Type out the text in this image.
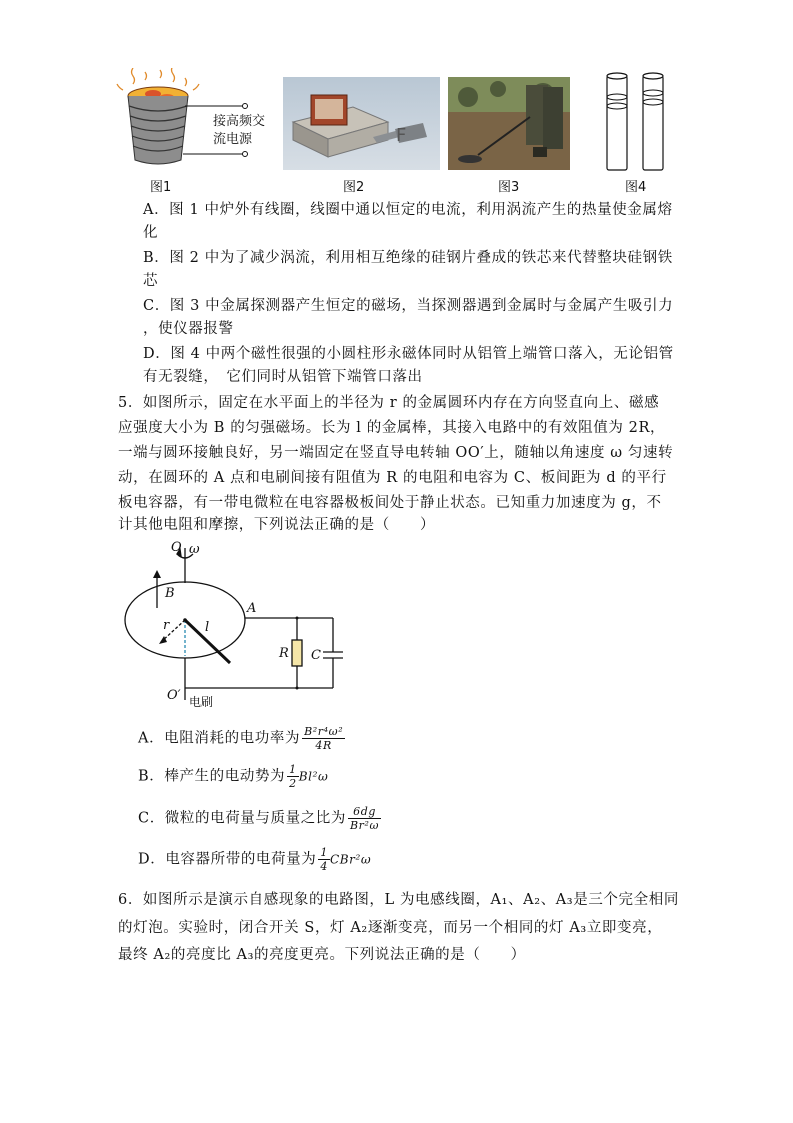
接高频交
流电源
图1
F
图2	图3	图4
A．图 1 中炉外有线圈，线圈中通以恒定的电流，利用涡流产生的热量使金属熔
化
B．图 2 中为了减少涡流，利用相互绝缘的硅钢片叠成的铁芯来代替整块硅钢铁
芯
C．图 3 中金属探测器产生恒定的磁场，当探测器遇到金属时与金属产生吸引力
，使仪器报警
D．图 4 中两个磁性很强的小圆柱形永磁体同时从铝管上端管口落入，无论铝管
有无裂缝，　它们同时从铝管下端管口落出
5．如图所示，固定在水平面上的半径为 r 的金属圆环内存在方向竖直向上、磁感
应强度大小为 B 的匀强磁场。长为 l 的金属棒，其接入电路中的有效阻值为 2R，
一端与圆环接触良好，另一端固定在竖直导电转轴 OO′上，随轴以角速度 ω 匀速转
动，在圆环的 A 点和电刷间接有阻值为 R 的电阻和电容为 C、板间距为 d 的平行
板电容器，有一带电微粒在电容器极板间处于静止状态。已知重力加速度为 g，不
计其他电阻和摩擦，下列说法正确的是（　　）
O ω
B
A
r	l
R C
O′ 电刷
A．电阻消耗的电功率为 $\frac{\text{B²r⁴ω²}}{4R}$
B．棒产生的电动势为 $\frac{1}{2} Bl^2\omega$
C．微粒的电荷量与质量之比为 $\frac{6dg}{\text{Br²ω}}$
D．电容器所带的电荷量为 $\frac{1}{4} CBr^2\omega$
6．如图所示是演示自感现象的电路图，L 为电感线圈，A₁、A₂、A₃是三个完全相同
的灯泡。实验时，闭合开关 S，灯 A₂逐渐变亮，而另一个相同的灯 A₃立即变亮，
最终 A₂的亮度比 A₃的亮度更亮。下列说法正确的是（　　）
